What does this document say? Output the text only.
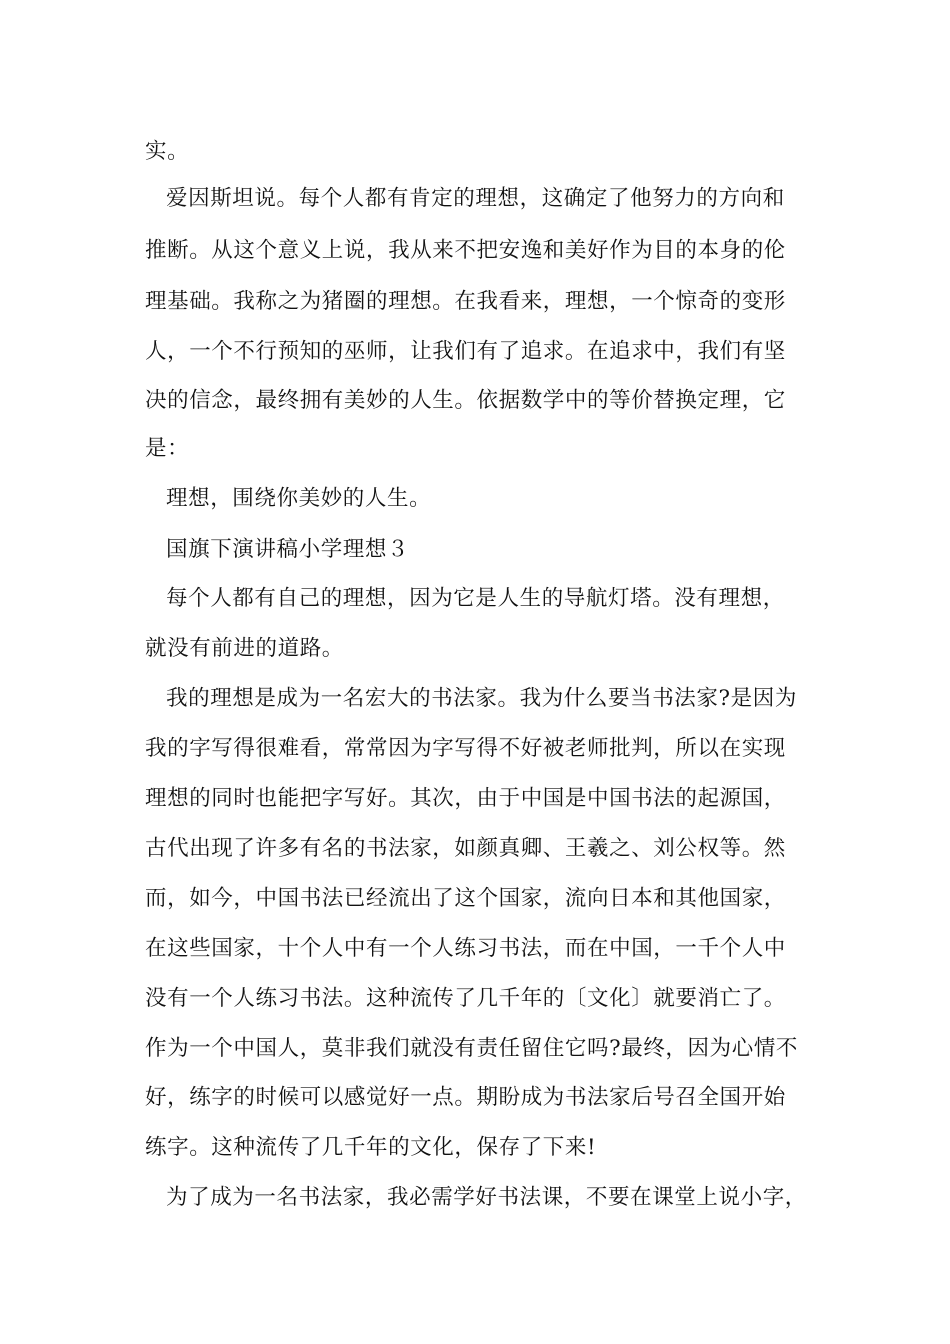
实。
爱因斯坦说。每个人都有肯定的理想，这确定了他努力的方向和
推断。从这个意义上说，我从来不把安逸和美好作为目的本身的伦
理基础。我称之为猪圈的理想。在我看来，理想，一个惊奇的变形
人，一个不行预知的巫师，让我们有了追求。在追求中，我们有坚
决的信念，最终拥有美妙的人生。依据数学中的等价替换定理，它
是：
理想，围绕你美妙的人生。
国旗下演讲稿小学理想３
每个人都有自己的理想，因为它是人生的导航灯塔。没有理想，
就没有前进的道路。
我的理想是成为一名宏大的书法家。我为什么要当书法家?是因为
我的字写得很难看，常常因为字写得不好被老师批判，所以在实现
理想的同时也能把字写好。其次，由于中国是中国书法的起源国，
古代出现了许多有名的书法家，如颜真卿、王羲之、刘公权等。然
而，如今，中国书法已经流出了这个国家，流向日本和其他国家，
在这些国家，十个人中有一个人练习书法，而在中国，一千个人中
没有一个人练习书法。这种流传了几千年的〔文化〕就要消亡了。
作为一个中国人，莫非我们就没有责任留住它吗?最终，因为心情不
好，练字的时候可以感觉好一点。期盼成为书法家后号召全国开始
练字。这种流传了几千年的文化，保存了下来!
为了成为一名书法家，我必需学好书法课，不要在课堂上说小字，
